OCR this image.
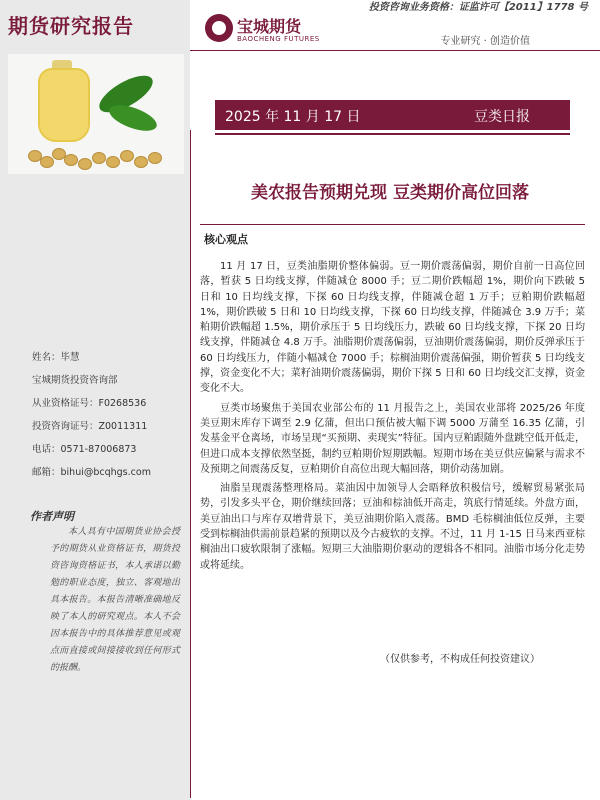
期货研究报告	宝城期货
BAOCHENG FUTURES
投资咨询业务资格：证监许可【2011】1778 号
专业研究 · 创造价值
2025 年 11 月 17 日	豆类日报
美农报告预期兑现 豆类期价高位回落
核心观点

11 月 17 日，豆类油脂期价整体偏弱。豆一期价震荡偏弱，期价自前一日高位回落，暂获 5 日均线支撑，伴随减仓 8000 手；豆二期价跌幅超 1%，期价向下跌破 5 日和 10 日均线支撑，下探 60 日均线支撑，伴随减仓超 1 万手；豆粕期价跌幅超 1%，期价跌破 5 日和 10 日均线支撑，下探 60 日均线支撑，伴随减仓 3.9 万手；菜粕期价跌幅超 1.5%，期价承压于 5 日均线压力，跌破 60 日均线支撑，下探 20 日均线支撑，伴随减仓 4.8 万手。油脂期价震荡偏弱，豆油期价震荡偏弱，期价反弹承压于 60 日均线压力，伴随小幅减仓 7000 手；棕榈油期价震荡偏强，期价暂获 5 日均线支撑，资金变化不大；菜籽油期价震荡偏弱，期价下探 5 日和 60 日均线交汇支撑，资金变化不大。

豆类市场聚焦于美国农业部公布的 11 月报告之上，美国农业部将 2025/26 年度美豆期末库存下调至 2.9 亿蒲，但出口预估被大幅下调 5000 万蒲至 16.35 亿蒲，引发基金平仓离场，市场呈现“买预期、卖现实”特征。国内豆粕跟随外盘跳空低开低走，但进口成本支撑依然坚挺，制约豆粕期价短期跌幅。短期市场在美豆供应偏紧与需求不及预期之间震荡反复，豆粕期价自高位出现大幅回落，期价动荡加剧。

油脂呈现震荡整理格局。菜油因中加领导人会晤释放积极信号，缓解贸易紧张局势，引发多头平仓，期价继续回落；豆油和棕油低开高走，筑底行情延续。外盘方面，美豆油出口与库存双增背景下，美豆油期价陷入震荡。BMD 毛棕榈油低位反弹，主要受到棕榈油供需前景趋紧的预期以及今古疲软的支撑。不过，11 月 1-15 日马来西亚棕榈油出口疲软限制了涨幅。短期三大油脂期价驱动的逻辑各不相同。油脂市场分化走势或将延续。

（仅供参考，不构成任何投资建议）
姓名：毕慧
宝城期货投资咨询部
从业资格证号：F0268536
投资咨询证号：Z0011311
电话：0571-87006873
邮箱：bihui@bcqhgs.com
作者声明
本人具有中国期货业协会授予的期货从业资格证书，期货投资咨询资格证书，本人承诺以勤勉的职业态度，独立、客观地出具本报告。本报告清晰准确地反映了本人的研究观点。本人不会因本报告中的具体推荐意见或观点而直接或间接接收到任何形式的报酬。
